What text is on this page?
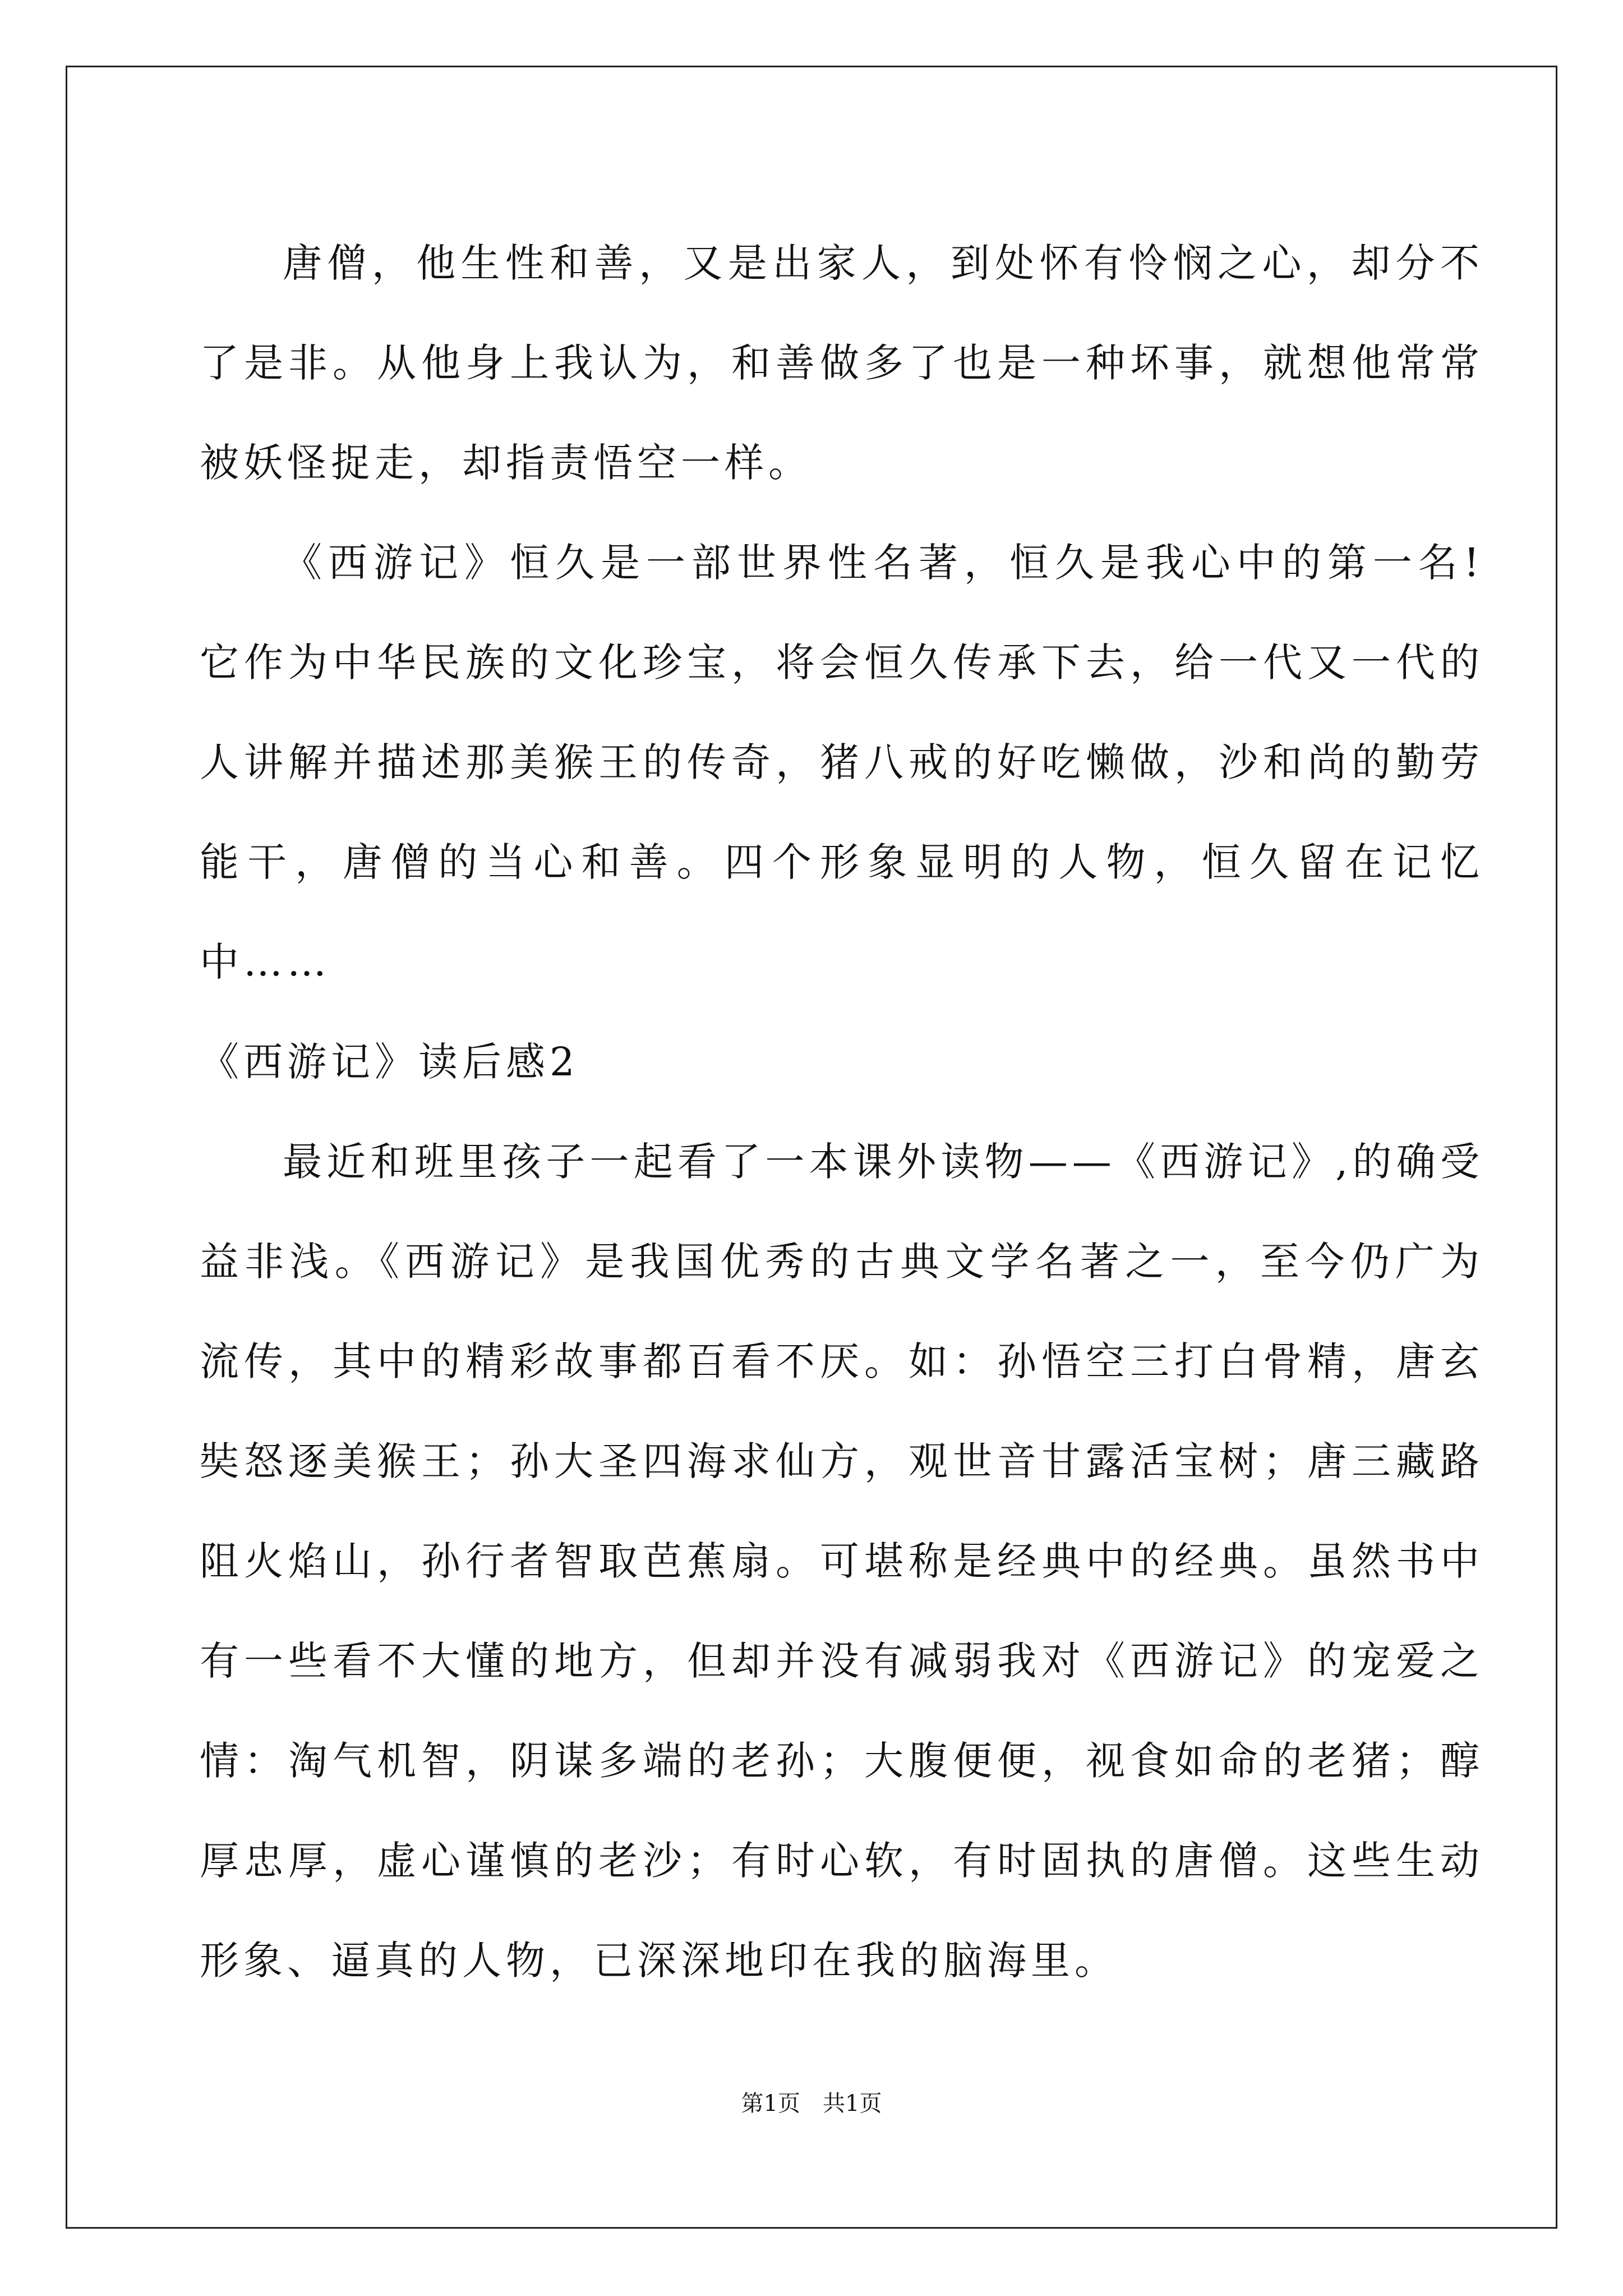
唐僧，他生性和善，又是出家人，到处怀有怜悯之心，却分不了是非。从他身上我认为，和善做多了也是一种坏事，就想他常常被妖怪捉走，却指责悟空一样。

《西游记》恒久是一部世界性名著，恒久是我心中的第一名!它作为中华民族的文化珍宝，将会恒久传承下去，给一代又一代的人讲解并描述那美猴王的传奇，猪八戒的好吃懒做，沙和尚的勤劳能干，唐僧的当心和善。四个形象显明的人物，恒久留在记忆中……

《西游记》读后感2

最近和班里孩子一起看了一本课外读物——《西游记》,的确受益非浅。《西游记》是我国优秀的古典文学名著之一，至今仍广为流传，其中的精彩故事都百看不厌。如：孙悟空三打白骨精，唐玄奘怒逐美猴王；孙大圣四海求仙方，观世音甘露活宝树；唐三藏路阻火焰山，孙行者智取芭蕉扇。可堪称是经典中的经典。虽然书中有一些看不大懂的地方，但却并没有减弱我对《西游记》的宠爱之情：淘气机智，阴谋多端的老孙；大腹便便，视食如命的老猪；醇厚忠厚，虚心谨慎的老沙；有时心软，有时固执的唐僧。这些生动形象、逼真的人物，已深深地印在我的脑海里。

第1页　共1页
